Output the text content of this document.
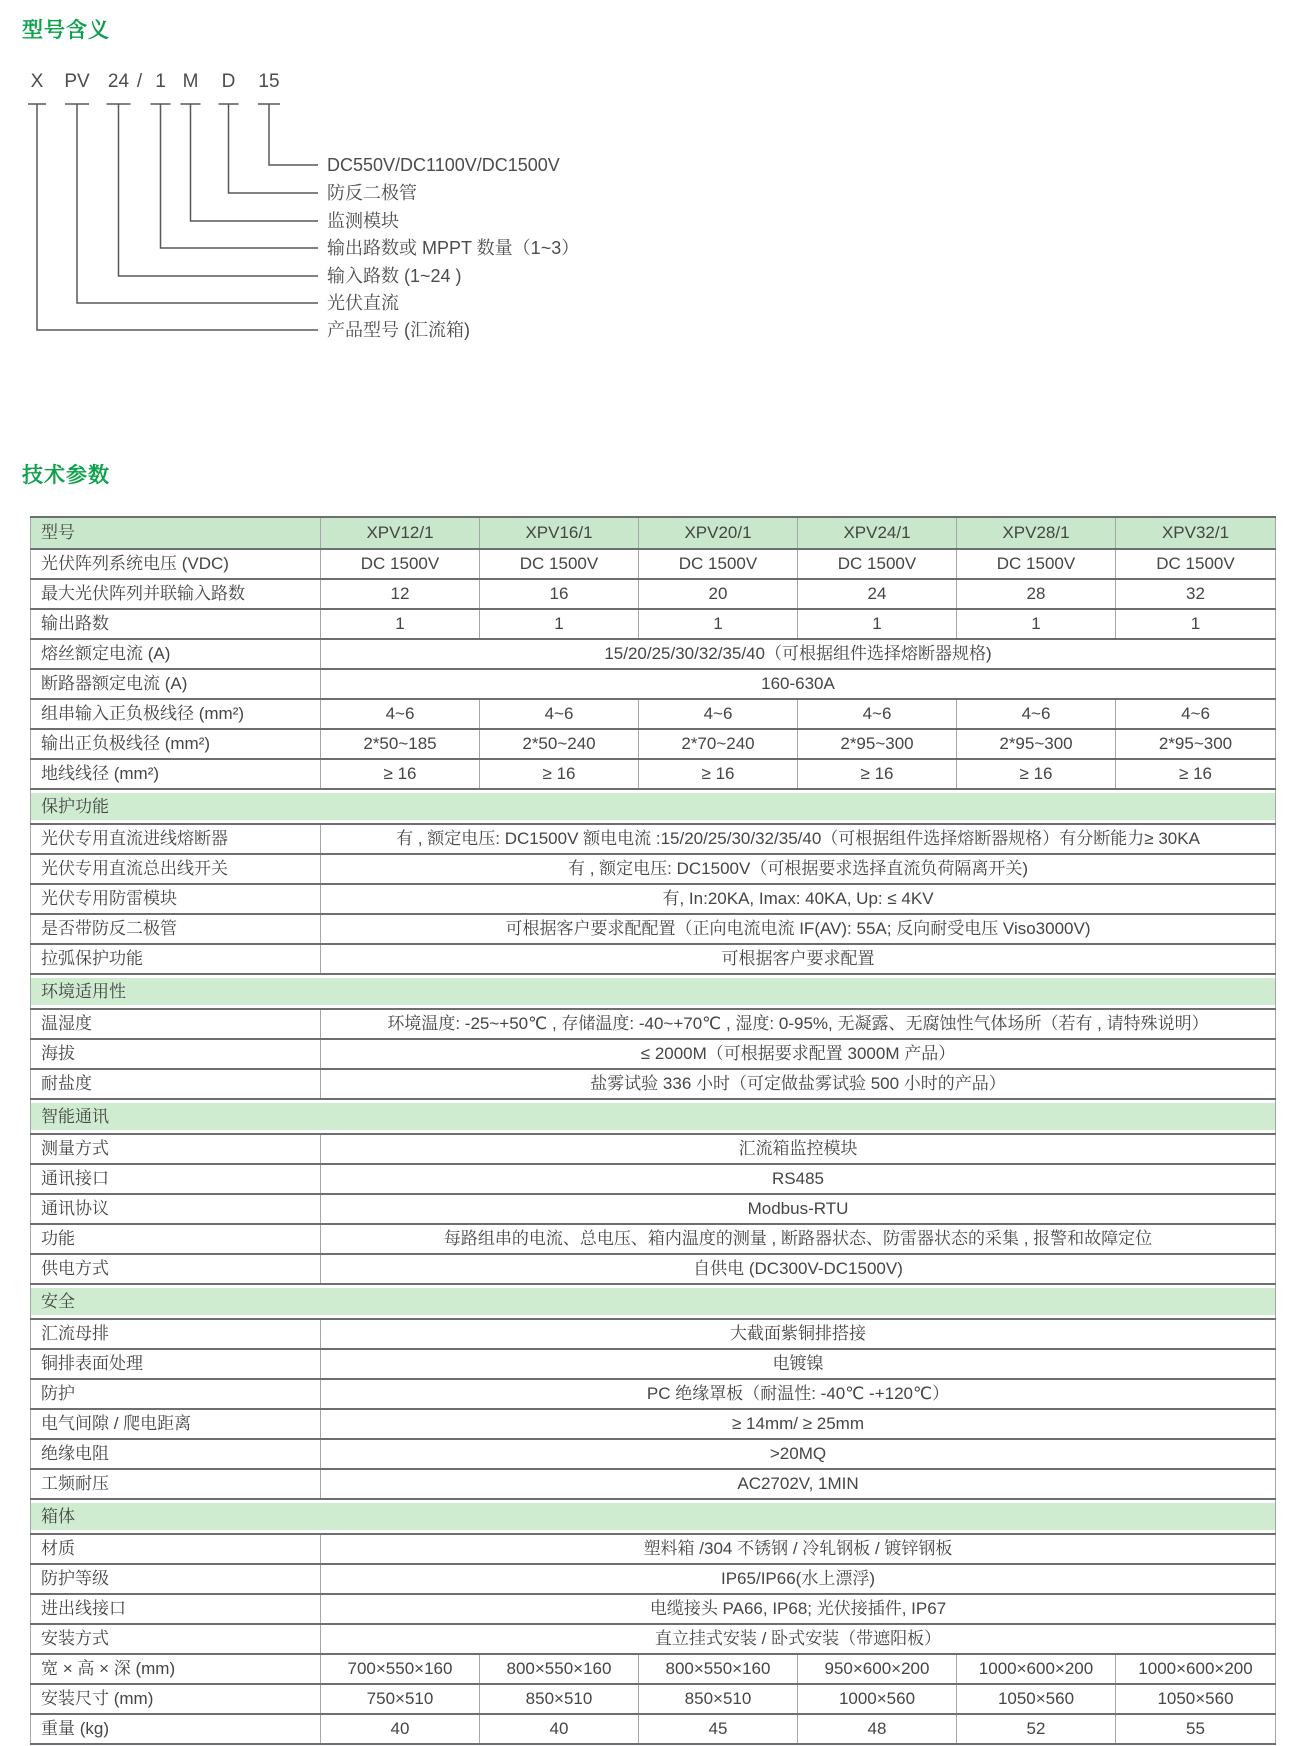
型号含义
X
产品型号 (汇流箱)
PV
光伏直流
24
输入路数 (1~24 )
/ 1
输出路数或 MPPT 数量（1~3）
M
监测模块
D
防反二极管
15
DC550V/DC1100V/DC1500V
技术参数
型号	XPV12/1	XPV16/1	XPV20/1	XPV24/1	XPV28/1	XPV32/1
光伏阵列系统电压 (VDC)	DC 1500V	DC 1500V	DC 1500V	DC 1500V	DC 1500V	DC 1500V
最大光伏阵列并联输入路数	12	16	20	24	28	32
输出路数	1	1	1	1	1	1
熔丝额定电流 (A)	15/20/25/30/32/35/40（可根据组件选择熔断器规格)					
断路器额定电流 (A)	160-630A					
组串输入正负极线径 (mm²)	4~6	4~6	4~6	4~6	4~6	4~6
输出正负极线径 (mm²)	2*50~185	2*50~240	2*70~240	2*95~300	2*95~300	2*95~300
地线线径 (mm²)	≥ 16	≥ 16	≥ 16	≥ 16	≥ 16	≥ 16

保护功能						

光伏专用直流进线熔断器	有 , 额定电压: DC1500V 额电电流 :15/20/25/30/32/35/40（可根据组件选择熔断器规格）有分断能力≥ 30KA					
光伏专用直流总出线开关	有 , 额定电压: DC1500V（可根据要求选择直流负荷隔离开关)					
光伏专用防雷模块	有, In:20KA, Imax: 40KA, Up: ≤ 4KV					
是否带防反二极管	可根据客户要求配配置（正向电流电流 IF(AV): 55A; 反向耐受电压 Viso3000V)					
拉弧保护功能	可根据客户要求配置					

环境适用性						

温湿度	环境温度: -25~+50℃ , 存储温度: -40~+70℃ , 湿度: 0-95%, 无凝露、无腐蚀性气体场所（若有 , 请特殊说明）					
海拔	≤ 2000M（可根据要求配置 3000M 产品）					
耐盐度	盐雾试验 336 小时（可定做盐雾试验 500 小时的产品）					

智能通讯						

测量方式	汇流箱监控模块					
通讯接口	RS485					
通讯协议	Modbus-RTU					
功能	每路组串的电流、总电压、箱内温度的测量 , 断路器状态、防雷器状态的采集 , 报警和故障定位					
供电方式	自供电 (DC300V-DC1500V)					

安全						

汇流母排	大截面紫铜排搭接					
铜排表面处理	电镀镍					
防护	PC 绝缘罩板（耐温性: -40℃ -+120℃）					
电气间隙 / 爬电距离	≥ 14mm/ ≥ 25mm					
绝缘电阻	>20MQ					
工频耐压	AC2702V, 1MIN					

箱体						

材质	塑料箱 /304 不锈钢 / 冷轧钢板 / 镀锌钢板					
防护等级	IP65/IP66(水上漂浮)					
进出线接口	电缆接头 PA66, IP68; 光伏接插件, IP67					
安装方式	直立挂式安装 / 卧式安装（带遮阳板）					
宽 × 高 × 深 (mm)	700×550×160	800×550×160	800×550×160	950×600×200	1000×600×200	1000×600×200
安装尺寸 (mm)	750×510	850×510	850×510	1000×560	1050×560	1050×560
重量 (kg)	40	40	45	48	52	55
